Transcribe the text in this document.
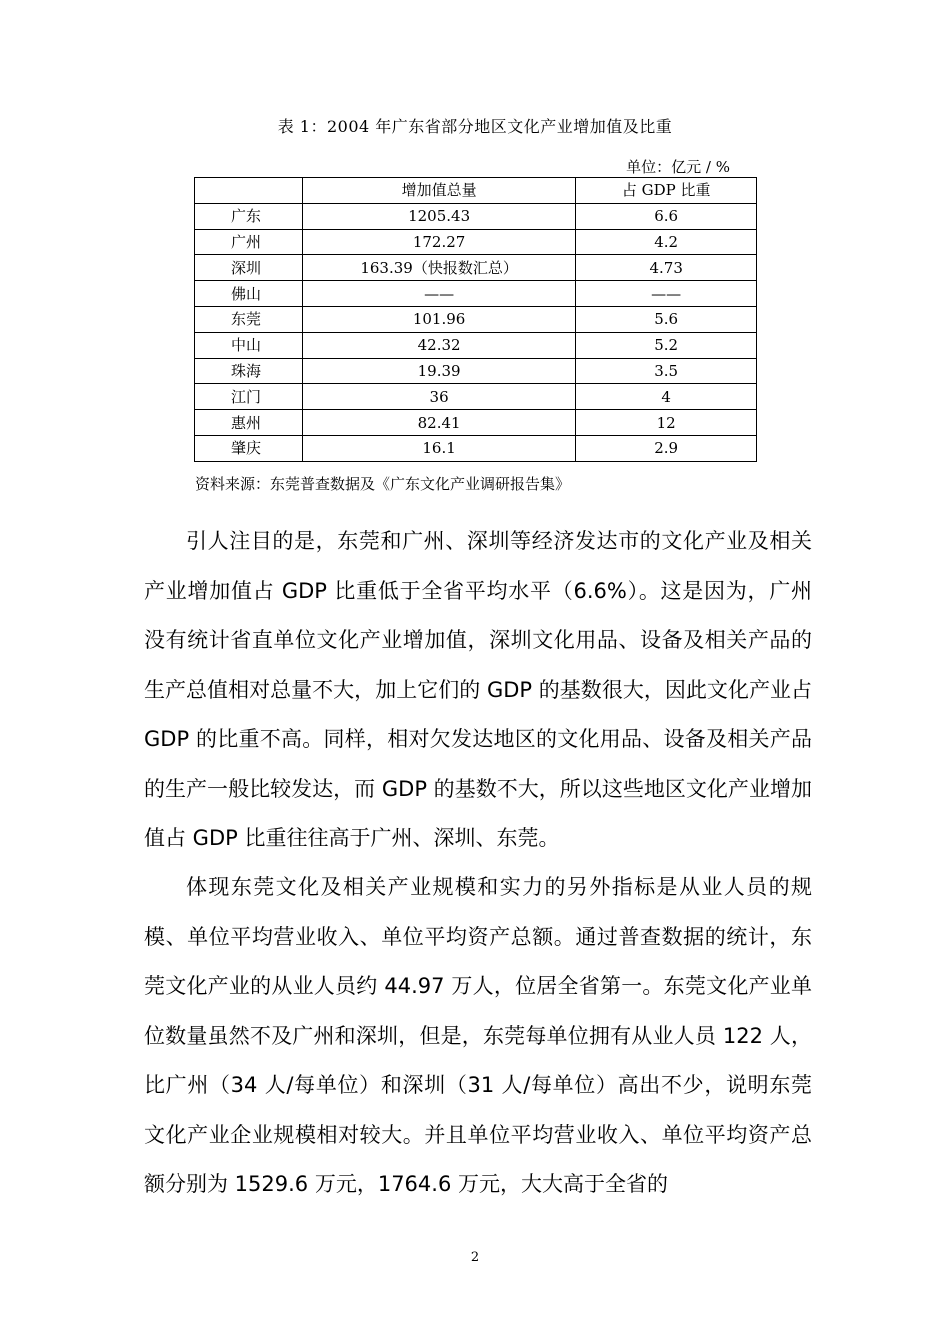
表 1：2004 年广东省部分地区文化产业增加值及比重
单位：亿元 / %
	增加值总量	占 GDP 比重
广东	1205.43	6.6
广州	172.27	4.2
深圳	163.39（快报数汇总）	4.73
佛山	——	——
东莞	101.96	5.6
中山	42.32	5.2
珠海	19.39	3.5
江门	36	4
惠州	82.41	12
肇庆	16.1	2.9
资料来源：东莞普查数据及《广东文化产业调研报告集》

引人注目的是，东莞和广州、深圳等经济发达市的文化产业及相关产业增加值占 GDP 比重低于全省平均水平（6.6%）。这是因为，广州没有统计省直单位文化产业增加值，深圳文化用品、设备及相关产品的生产总值相对总量不大，加上它们的 GDP 的基数很大，因此文化产业占 GDP 的比重不高。同样，相对欠发达地区的文化用品、设备及相关产品的生产一般比较发达，而 GDP 的基数不大，所以这些地区文化产业增加值占 GDP 比重往往高于广州、深圳、东莞。

体现东莞文化及相关产业规模和实力的另外指标是从业人员的规模、单位平均营业收入、单位平均资产总额。通过普查数据的统计，东莞文化产业的从业人员约 44.97 万人，位居全省第一。东莞文化产业单位数量虽然不及广州和深圳，但是，东莞每单位拥有从业人员 122 人，比广州（34 人/每单位）和深圳（31 人/每单位）高出不少，说明东莞文化产业企业规模相对较大。并且单位平均营业收入、单位平均资产总额分别为 1529.6 万元，1764.6 万元，大大高于全省的

2
